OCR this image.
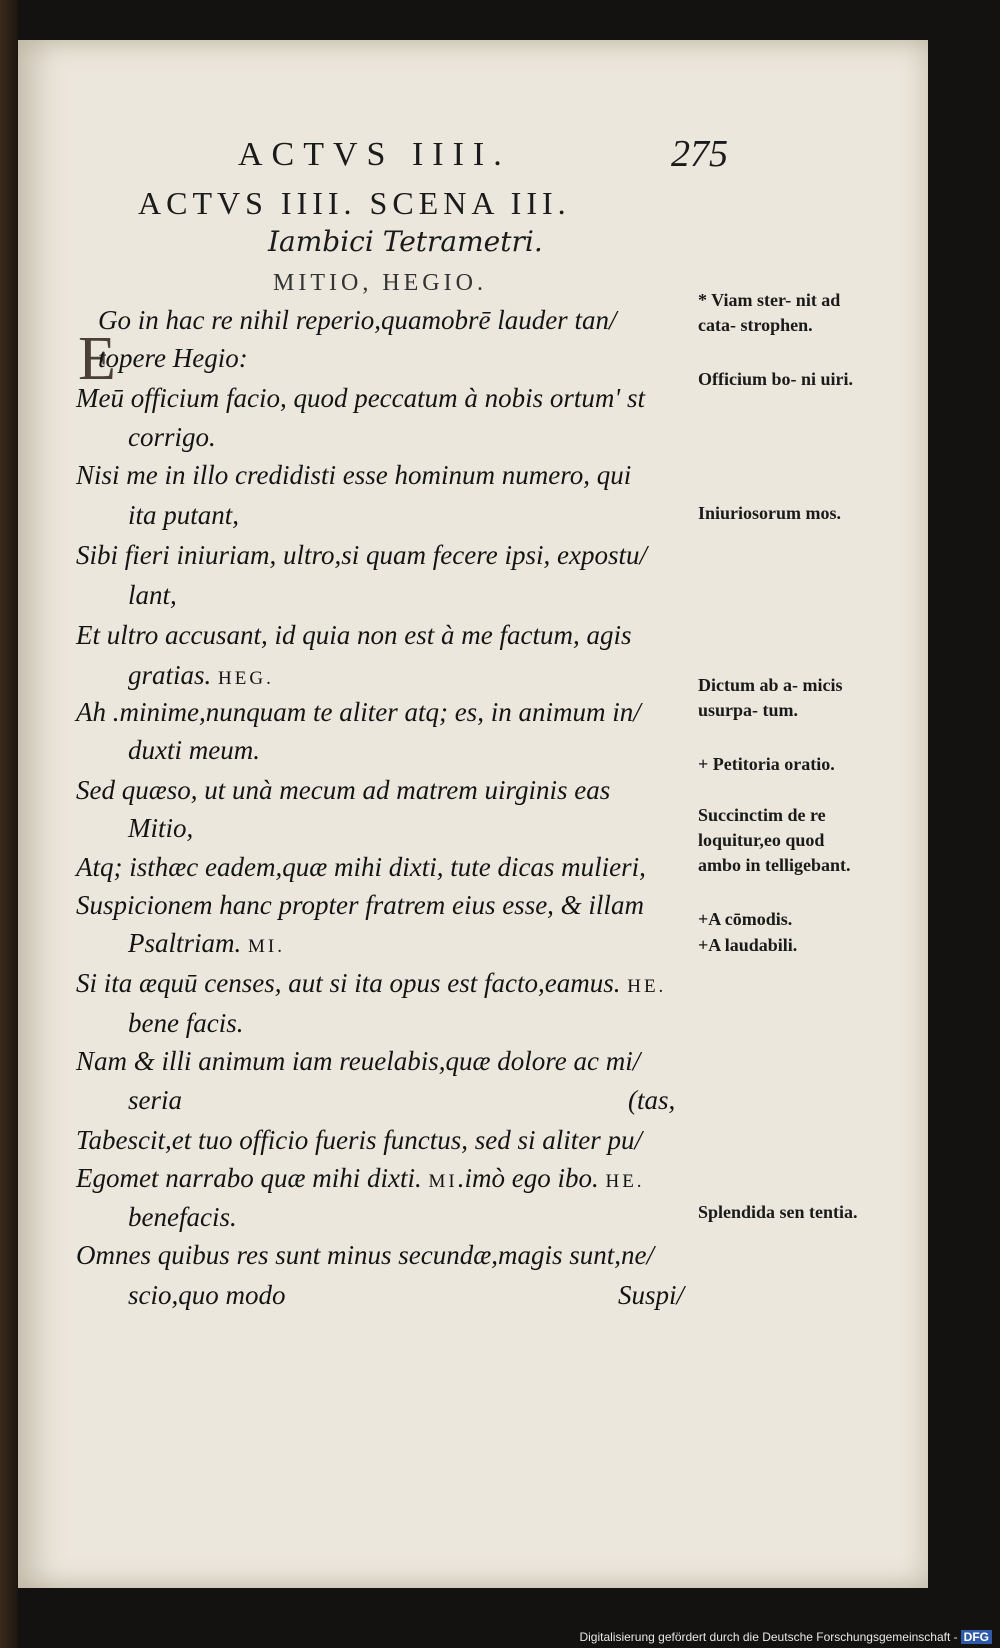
ACTVS IIII.	275
ACTVS IIII. SCENA III.
Iambici Tetrametri.
MITIO, HEGIO.
E
Go in hac re nihil reperio,quamobrē lauder tan/
topere Hegio:
Meū officium facio, quod peccatum à nobis ortum' st
corrigo.
Nisi me in illo credidisti esse hominum numero, qui
ita putant,
Sibi fieri iniuriam, ultro,si quam fecere ipsi, expostu/
lant,
Et ultro accusant, id quia non est à me factum, agis
gratias. HEG.
Ah .minime,nunquam te aliter atq; es, in animum in/
duxti meum.
Sed quæso, ut unà mecum ad matrem uirginis eas
Mitio,
Atq; isthæc eadem,quæ mihi dixti, tute dicas mulieri,
Suspicionem hanc propter fratrem eius esse, & illam
Psaltriam. MI.
Si ita æquū censes, aut si ita opus est facto,eamus. HE.
bene facis.
Nam & illi animum iam reuelabis,quæ dolore ac mi/
seria	(tas,
Tabescit,et tuo officio fueris functus, sed si aliter pu/
Egomet narrabo quæ mihi dixti. MI.imò ego ibo. HE.
benefacis.
Omnes quibus res sunt minus secundæ,magis sunt,ne/
scio,quo modo	Suspi/
* Viam ster- nit ad cata- strophen.
Officium bo- ni uiri.
Iniuriosorum mos.
Dictum ab a- micis usurpa- tum.
+ Petitoria oratio.
Succinctim de re loquitur,eo quod ambo in telligebant.
+A cōmodis.
+A laudabili.
Splendida sen tentia.
Digitalisierung gefördert durch die Deutsche Forschungsgemeinschaft - DFG
